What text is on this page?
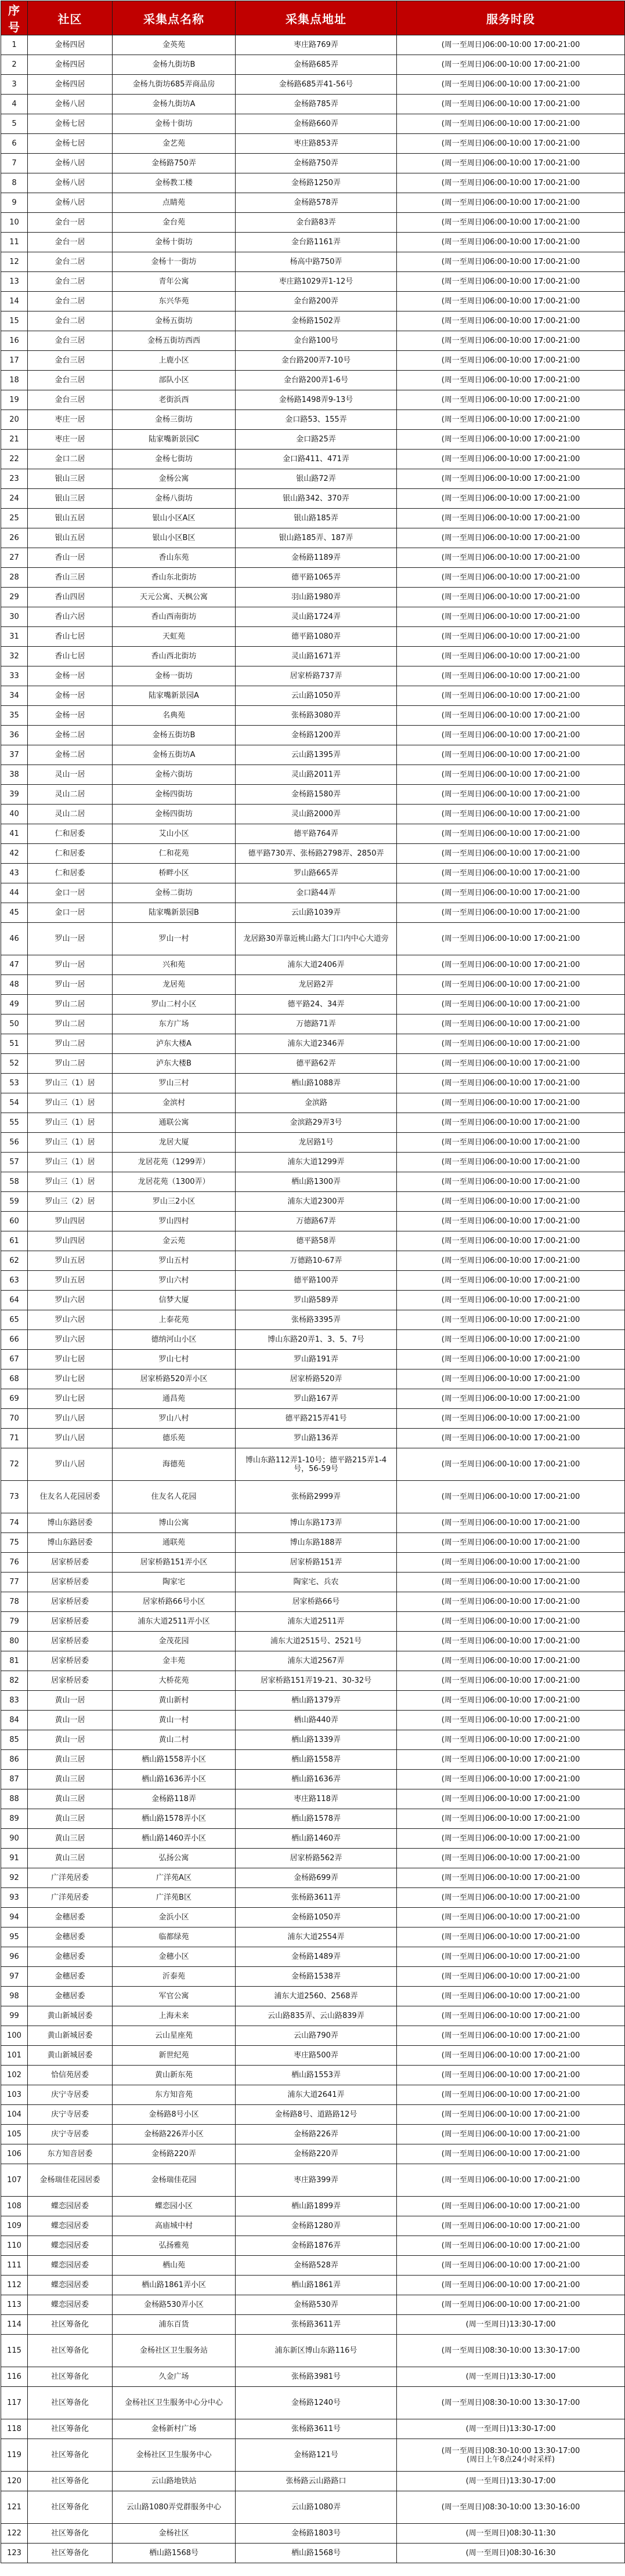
序号	社区	采集点名称	采集点地址	服务时段
1	金杨四居	金英苑	枣庄路769弄	(周一至周日)06:00-10:00 17:00-21:00
2	金杨四居	金杨九街坊B	金杨路685弄	(周一至周日)06:00-10:00 17:00-21:00
3	金杨四居	金杨九街坊685弄商品房	金杨路685弄41-56号	(周一至周日)06:00-10:00 17:00-21:00
4	金杨八居	金杨九街坊A	金杨路785弄	(周一至周日)06:00-10:00 17:00-21:00
5	金杨七居	金杨十街坊	金杨路660弄	(周一至周日)06:00-10:00 17:00-21:00
6	金杨七居	金艺苑	枣庄路853弄	(周一至周日)06:00-10:00 17:00-21:00
7	金杨八居	金杨路750弄	金杨路750弄	(周一至周日)06:00-10:00 17:00-21:00
8	金杨八居	金杨教工楼	金杨路1250弄	(周一至周日)06:00-10:00 17:00-21:00
9	金杨八居	点睛苑	金杨路578弄	(周一至周日)06:00-10:00 17:00-21:00
10	金台一居	金台苑	金台路83弄	(周一至周日)06:00-10:00 17:00-21:00
11	金台一居	金杨十街坊	金台路1161弄	(周一至周日)06:00-10:00 17:00-21:00
12	金台二居	金杨十一街坊	杨高中路750弄	(周一至周日)06:00-10:00 17:00-21:00
13	金台二居	青年公寓	枣庄路1029弄1-12号	(周一至周日)06:00-10:00 17:00-21:00
14	金台二居	东兴华苑	金台路200弄	(周一至周日)06:00-10:00 17:00-21:00
15	金台二居	金杨五街坊	金杨路1502弄	(周一至周日)06:00-10:00 17:00-21:00
16	金台三居	金杨五街坊西西	金台路100号	(周一至周日)06:00-10:00 17:00-21:00
17	金台三居	上鹿小区	金台路200弄7-10号	(周一至周日)06:00-10:00 17:00-21:00
18	金台三居	部队小区	金台路200弄1-6号	(周一至周日)06:00-10:00 17:00-21:00
19	金台三居	老街浜西	金杨路1498弄9-13号	(周一至周日)06:00-10:00 17:00-21:00
20	枣庄一居	金杨三街坊	金口路53、155弄	(周一至周日)06:00-10:00 17:00-21:00
21	枣庄一居	陆家嘴新景园C	金口路25弄	(周一至周日)06:00-10:00 17:00-21:00
22	金口二居	金杨七街坊	金口路411、471弄	(周一至周日)06:00-10:00 17:00-21:00
23	银山三居	金杨公寓	银山路72弄	(周一至周日)06:00-10:00 17:00-21:00
24	银山三居	金杨八街坊	银山路342、370弄	(周一至周日)06:00-10:00 17:00-21:00
25	银山五居	银山小区A区	银山路185弄	(周一至周日)06:00-10:00 17:00-21:00
26	银山五居	银山小区B区	银山路185弄、187弄	(周一至周日)06:00-10:00 17:00-21:00
27	香山一居	香山东苑	金杨路1189弄	(周一至周日)06:00-10:00 17:00-21:00
28	香山三居	香山东北街坊	德平路1065弄	(周一至周日)06:00-10:00 17:00-21:00
29	香山四居	天元公寓、天枫公寓	羽山路1980弄	(周一至周日)06:00-10:00 17:00-21:00
30	香山六居	香山西南街坊	灵山路1724弄	(周一至周日)06:00-10:00 17:00-21:00
31	香山七居	天虹苑	德平路1080弄	(周一至周日)06:00-10:00 17:00-21:00
32	香山七居	香山西北街坊	灵山路1671弄	(周一至周日)06:00-10:00 17:00-21:00
33	金杨一居	金杨一街坊	居家桥路737弄	(周一至周日)06:00-10:00 17:00-21:00
34	金杨一居	陆家嘴新景园A	云山路1050弄	(周一至周日)06:00-10:00 17:00-21:00
35	金杨一居	名典苑	张杨路3080弄	(周一至周日)06:00-10:00 17:00-21:00
36	金杨二居	金杨五街坊B	金杨路1200弄	(周一至周日)06:00-10:00 17:00-21:00
37	金杨二居	金杨五街坊A	云山路1395弄	(周一至周日)06:00-10:00 17:00-21:00
38	灵山一居	金杨六街坊	灵山路2011弄	(周一至周日)06:00-10:00 17:00-21:00
39	灵山二居	金杨四街坊	金杨路1580弄	(周一至周日)06:00-10:00 17:00-21:00
40	灵山二居	金杨四街坊	灵山路2000弄	(周一至周日)06:00-10:00 17:00-21:00
41	仁和居委	艾山小区	德平路764弄	(周一至周日)06:00-10:00 17:00-21:00
42	仁和居委	仁和花苑	德平路730弄、张杨路2798弄、2850弄	(周一至周日)06:00-10:00 17:00-21:00
43	仁和居委	桥畔小区	罗山路665弄	(周一至周日)06:00-10:00 17:00-21:00
44	金口一居	金杨二街坊	金口路44弄	(周一至周日)06:00-10:00 17:00-21:00
45	金口一居	陆家嘴新景园B	云山路1039弄	(周一至周日)06:00-10:00 17:00-21:00
46	罗山一居	罗山一村	龙居路30弄靠近桃山路大门口内中心大道旁	(周一至周日)06:00-10:00 17:00-21:00
47	罗山一居	兴和苑	浦东大道2406弄	(周一至周日)06:00-10:00 17:00-21:00
48	罗山一居	龙居苑	龙居路2弄	(周一至周日)06:00-10:00 17:00-21:00
49	罗山二居	罗山二村小区	德平路24、34弄	(周一至周日)06:00-10:00 17:00-21:00
50	罗山二居	东方广场	万德路71弄	(周一至周日)06:00-10:00 17:00-21:00
51	罗山二居	泸东大楼A	浦东大道2346弄	(周一至周日)06:00-10:00 17:00-21:00
52	罗山二居	泸东大楼B	德平路62弄	(周一至周日)06:00-10:00 17:00-21:00
53	罗山三（1）居	罗山三村	栖山路1088弄	(周一至周日)06:00-10:00 17:00-21:00
54	罗山三（1）居	金滨村	金滨路	(周一至周日)06:00-10:00 17:00-21:00
55	罗山三（1）居	通联公寓	金滨路29弄3号	(周一至周日)06:00-10:00 17:00-21:00
56	罗山三（1）居	龙居大厦	龙居路1号	(周一至周日)06:00-10:00 17:00-21:00
57	罗山三（1）居	龙居花苑（1299弄）	浦东大道1299弄	(周一至周日)06:00-10:00 17:00-21:00
58	罗山三（1）居	龙居花苑（1300弄）	栖山路1300弄	(周一至周日)06:00-10:00 17:00-21:00
59	罗山三（2）居	罗山三2小区	浦东大道2300弄	(周一至周日)06:00-10:00 17:00-21:00
60	罗山四居	罗山四村	万德路67弄	(周一至周日)06:00-10:00 17:00-21:00
61	罗山四居	金云苑	德平路58弄	(周一至周日)06:00-10:00 17:00-21:00
62	罗山五居	罗山五村	万德路10-67弄	(周一至周日)06:00-10:00 17:00-21:00
63	罗山五居	罗山六村	德平路100弄	(周一至周日)06:00-10:00 17:00-21:00
64	罗山六居	信梦大厦	罗山路589弄	(周一至周日)06:00-10:00 17:00-21:00
65	罗山六居	上泰花苑	张杨路3395弄	(周一至周日)06:00-10:00 17:00-21:00
66	罗山六居	德纳河山小区	博山东路20弄1、3、5、7号	(周一至周日)06:00-10:00 17:00-21:00
67	罗山七居	罗山七村	罗山路191弄	(周一至周日)06:00-10:00 17:00-21:00
68	罗山七居	居家桥路520弄小区	居家桥路520弄	(周一至周日)06:00-10:00 17:00-21:00
69	罗山七居	通昌苑	罗山路167弄	(周一至周日)06:00-10:00 17:00-21:00
70	罗山八居	罗山八村	德平路215弄41号	(周一至周日)06:00-10:00 17:00-21:00
71	罗山八居	德乐苑	罗山路136弄	(周一至周日)06:00-10:00 17:00-21:00
72	罗山八居	海德苑	博山东路112弄1-10号；德平路215弄1-4号，56-59号	(周一至周日)06:00-10:00 17:00-21:00
73	住友名人花园居委	住友名人花园	张杨路2999弄	(周一至周日)06:00-10:00 17:00-21:00
74	博山东路居委	博山公寓	博山东路173弄	(周一至周日)06:00-10:00 17:00-21:00
75	博山东路居委	通联苑	博山东路188弄	(周一至周日)06:00-10:00 17:00-21:00
76	居家桥居委	居家桥路151弄小区	居家桥路151弄	(周一至周日)06:00-10:00 17:00-21:00
77	居家桥居委	陶家宅	陶家宅、兵农	(周一至周日)06:00-10:00 17:00-21:00
78	居家桥居委	居家桥路66号小区	居家桥路66号	(周一至周日)06:00-10:00 17:00-21:00
79	居家桥居委	浦东大道2511弄小区	浦东大道2511弄	(周一至周日)06:00-10:00 17:00-21:00
80	居家桥居委	金茂花园	浦东大道2515号、2521号	(周一至周日)06:00-10:00 17:00-21:00
81	居家桥居委	金丰苑	浦东大道2567弄	(周一至周日)06:00-10:00 17:00-21:00
82	居家桥居委	大桥花苑	居家桥路151弄19-21、30-32号	(周一至周日)06:00-10:00 17:00-21:00
83	黄山一居	黄山新村	栖山路1379弄	(周一至周日)06:00-10:00 17:00-21:00
84	黄山一居	黄山一村	栖山路440弄	(周一至周日)06:00-10:00 17:00-21:00
85	黄山一居	黄山二村	栖山路1339弄	(周一至周日)06:00-10:00 17:00-21:00
86	黄山三居	栖山路1558弄小区	栖山路1558弄	(周一至周日)06:00-10:00 17:00-21:00
87	黄山三居	栖山路1636弄小区	栖山路1636弄	(周一至周日)06:00-10:00 17:00-21:00
88	黄山三居	金杨路118弄	枣庄路118弄	(周一至周日)06:00-10:00 17:00-21:00
89	黄山三居	栖山路1578弄小区	栖山路1578弄	(周一至周日)06:00-10:00 17:00-21:00
90	黄山三居	栖山路1460弄小区	栖山路1460弄	(周一至周日)06:00-10:00 17:00-21:00
91	黄山三居	弘扬公寓	居家桥路562弄	(周一至周日)06:00-10:00 17:00-21:00
92	广洋苑居委	广洋苑A区	金杨路699弄	(周一至周日)06:00-10:00 17:00-21:00
93	广洋苑居委	广洋苑B区	张杨路3611弄	(周一至周日)06:00-10:00 17:00-21:00
94	金穗居委	金浜小区	金杨路1050弄	(周一至周日)06:00-10:00 17:00-21:00
95	金穗居委	临都绿苑	浦东大道2554弄	(周一至周日)06:00-10:00 17:00-21:00
96	金穗居委	金穗小区	金杨路1489弄	(周一至周日)06:00-10:00 17:00-21:00
97	金穗居委	沂泰苑	金杨路1538弄	(周一至周日)06:00-10:00 17:00-21:00
98	金穗居委	军官公寓	浦东大道2560、2568弄	(周一至周日)06:00-10:00 17:00-21:00
99	黄山新城居委	上海未来	云山路835弄、云山路839弄	(周一至周日)06:00-10:00 17:00-21:00
100	黄山新城居委	云山星座苑	云山路790弄	(周一至周日)06:00-10:00 17:00-21:00
101	黄山新城居委	新世纪苑	枣庄路500弄	(周一至周日)06:00-10:00 17:00-21:00
102	恰信苑居委	黄山新东苑	栖山路1553弄	(周一至周日)06:00-10:00 17:00-21:00
103	庆宁寺居委	东方知音苑	浦东大道2641弄	(周一至周日)06:00-10:00 17:00-21:00
104	庆宁寺居委	金杨路8号小区	金杨路8号、道路路12号	(周一至周日)06:00-10:00 17:00-21:00
105	庆宁寺居委	金杨路226弄小区	金杨路226弄	(周一至周日)06:00-10:00 17:00-21:00
106	东方知音居委	金杨路220弄	金杨路220弄	(周一至周日)06:00-10:00 17:00-21:00
107	金杨瑞佳花园居委	金杨瑞佳花园	枣庄路399弄	(周一至周日)06:00-10:00 17:00-21:00
108	蝶恋园居委	蝶恋园小区	栖山路1899弄	(周一至周日)06:00-10:00 17:00-21:00
109	蝶恋园居委	高庙城中村	金杨路1280弄	(周一至周日)06:00-10:00 17:00-21:00
110	蝶恋园居委	弘扬雅苑	金杨路1876弄	(周一至周日)06:00-10:00 17:00-21:00
111	蝶恋园居委	栖山苑	金杨路528弄	(周一至周日)06:00-10:00 17:00-21:00
112	蝶恋园居委	栖山路1861弄小区	栖山路1861弄	(周一至周日)06:00-10:00 17:00-21:00
113	蝶恋园居委	金杨路530弄小区	金杨路530弄	(周一至周日)06:00-10:00 17:00-21:00
114	社区筹备化	浦东百货	张杨路3611弄	(周一至周日)13:30-17:00
115	社区筹备化	金杨社区卫生服务站	浦东新区博山东路116号	(周一至周日)08:30-10:00 13:30-17:00
116	社区筹备化	久金广场	张杨路3981号	(周一至周日)13:30-17:00
117	社区筹备化	金杨社区卫生服务中心分中心	金杨路1240号	(周一至周日)08:30-10:00 13:30-17:00
118	社区筹备化	金杨新村广场	张杨路3611号	(周一至周日)13:30-17:00
119	社区筹备化	金杨社区卫生服务中心	金杨路121号	(周一至周日)08:30-10:00 13:30-17:00
(周日上午8点24小时采样)
120	社区筹备化	云山路地铁站	张杨路云山路路口	(周一至周日)13:30-17:00
121	社区筹备化	云山路1080弄党群服务中心	云山路1080弄	(周一至周日)08:30-10:00 13:30-16:00
122	社区筹备化	金杨社区	金杨路1803号	(周一至周日)08:30-11:30
123	社区筹备化	栖山路1568号	栖山路1568号	(周一至周日)08:30-16:30
